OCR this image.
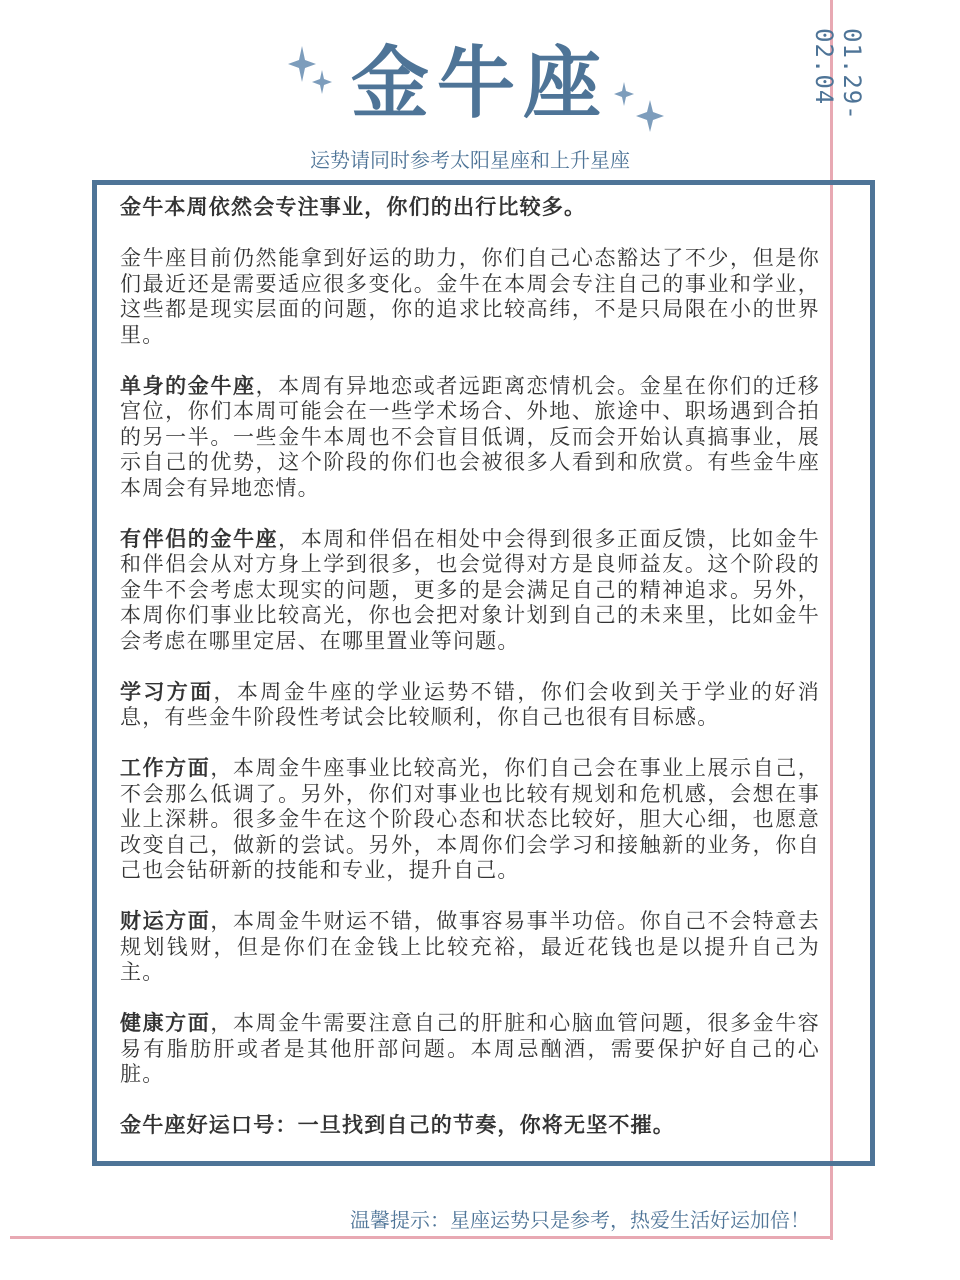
01.29-02.04
金牛座
运势请同时参考太阳星座和上升星座

金牛本周依然会专注事业，你们的出行比较多。

金牛座目前仍然能拿到好运的助力，你们自己心态豁达了不少，但是你们最近还是需要适应很多变化。金牛在本周会专注自己的事业和学业，这些都是现实层面的问题，你的追求比较高纬，不是只局限在小的世界里。

单身的金牛座，本周有异地恋或者远距离恋情机会。金星在你们的迁移宫位，你们本周可能会在一些学术场合、外地、旅途中、职场遇到合拍的另一半。一些金牛本周也不会盲目低调，反而会开始认真搞事业，展示自己的优势，这个阶段的你们也会被很多人看到和欣赏。有些金牛座本周会有异地恋情。

有伴侣的金牛座，本周和伴侣在相处中会得到很多正面反馈，比如金牛和伴侣会从对方身上学到很多，也会觉得对方是良师益友。这个阶段的金牛不会考虑太现实的问题，更多的是会满足自己的精神追求。另外，本周你们事业比较高光，你也会把对象计划到自己的未来里，比如金牛会考虑在哪里定居、在哪里置业等问题。

学习方面，本周金牛座的学业运势不错，你们会收到关于学业的好消息，有些金牛阶段性考试会比较顺利，你自己也很有目标感。

工作方面，本周金牛座事业比较高光，你们自己会在事业上展示自己，不会那么低调了。另外，你们对事业也比较有规划和危机感，会想在事业上深耕。很多金牛在这个阶段心态和状态比较好，胆大心细，也愿意改变自己，做新的尝试。另外，本周你们会学习和接触新的业务，你自己也会钻研新的技能和专业，提升自己。

财运方面，本周金牛财运不错，做事容易事半功倍。你自己不会特意去规划钱财，但是你们在金钱上比较充裕，最近花钱也是以提升自己为主。

健康方面，本周金牛需要注意自己的肝脏和心脑血管问题，很多金牛容易有脂肪肝或者是其他肝部问题。本周忌酗酒，需要保护好自己的心脏。

金牛座好运口号：一旦找到自己的节奏，你将无坚不摧。

温馨提示：星座运势只是参考，热爱生活好运加倍！
